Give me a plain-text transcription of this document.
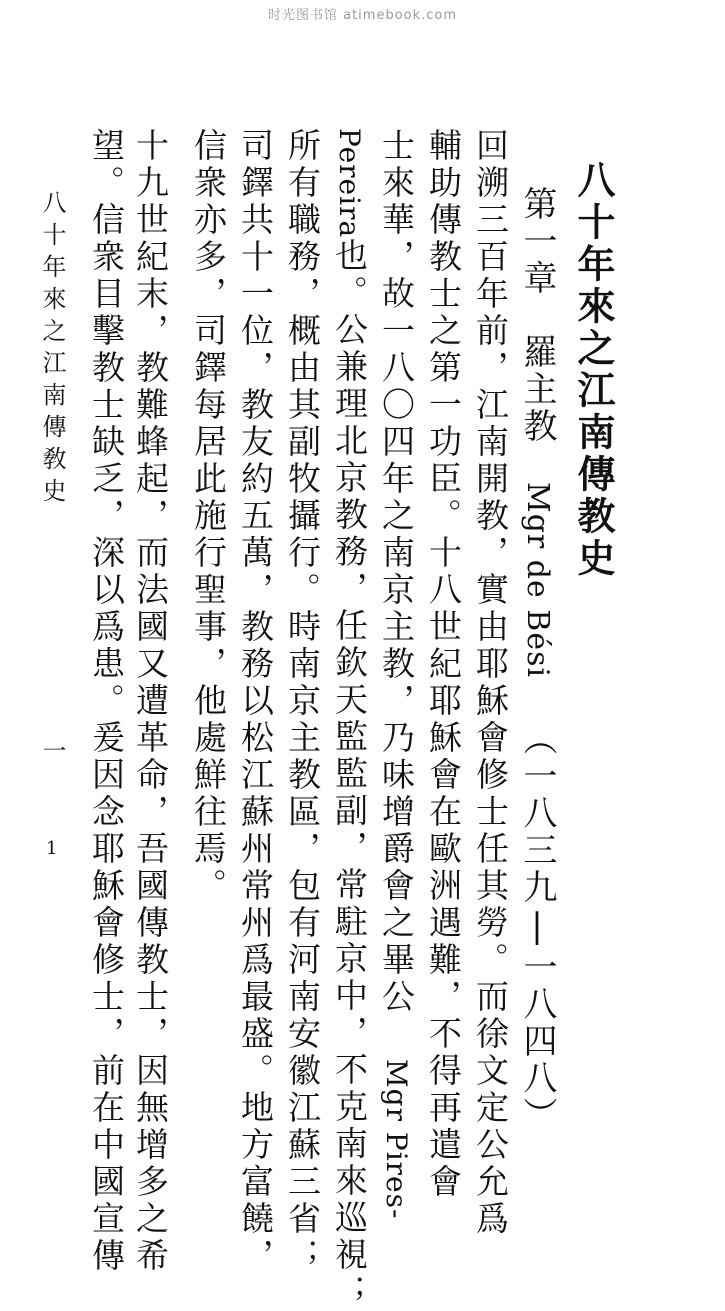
时光图书馆 atimebook.com
八十年來之江南傳教史
第一章　羅主教　Mgr de Bési （一八三九|一八四八）
回溯三百年前，江南開教，實由耶穌會修士任其勞。而徐文定公允爲
輔助傳教士之第一功臣。十八世紀耶穌會在歐洲遇難，不得再遣會
士來華，故一八〇四年之南京主教，乃味增爵會之畢公 Mgr Pires-
Pereira也。公兼理北京教務，任欽天監監副，常駐京中，不克南來巡視；
所有職務，概由其副牧攝行。時南京主教區，包有河南安徽江蘇三省；
司鐸共十一位，教友約五萬，教務以松江蘇州常州爲最盛。地方富饒，
信衆亦多，司鐸每居此施行聖事，他處鮮往焉。
十九世紀末，教難蜂起，而法國又遭革命，吾國傳教士，因無增多之希
望。信衆目擊教士缺乏，深以爲患。爰因念耶穌會修士，前在中國宣傳
八十年來之江南傳敎史
一
1
